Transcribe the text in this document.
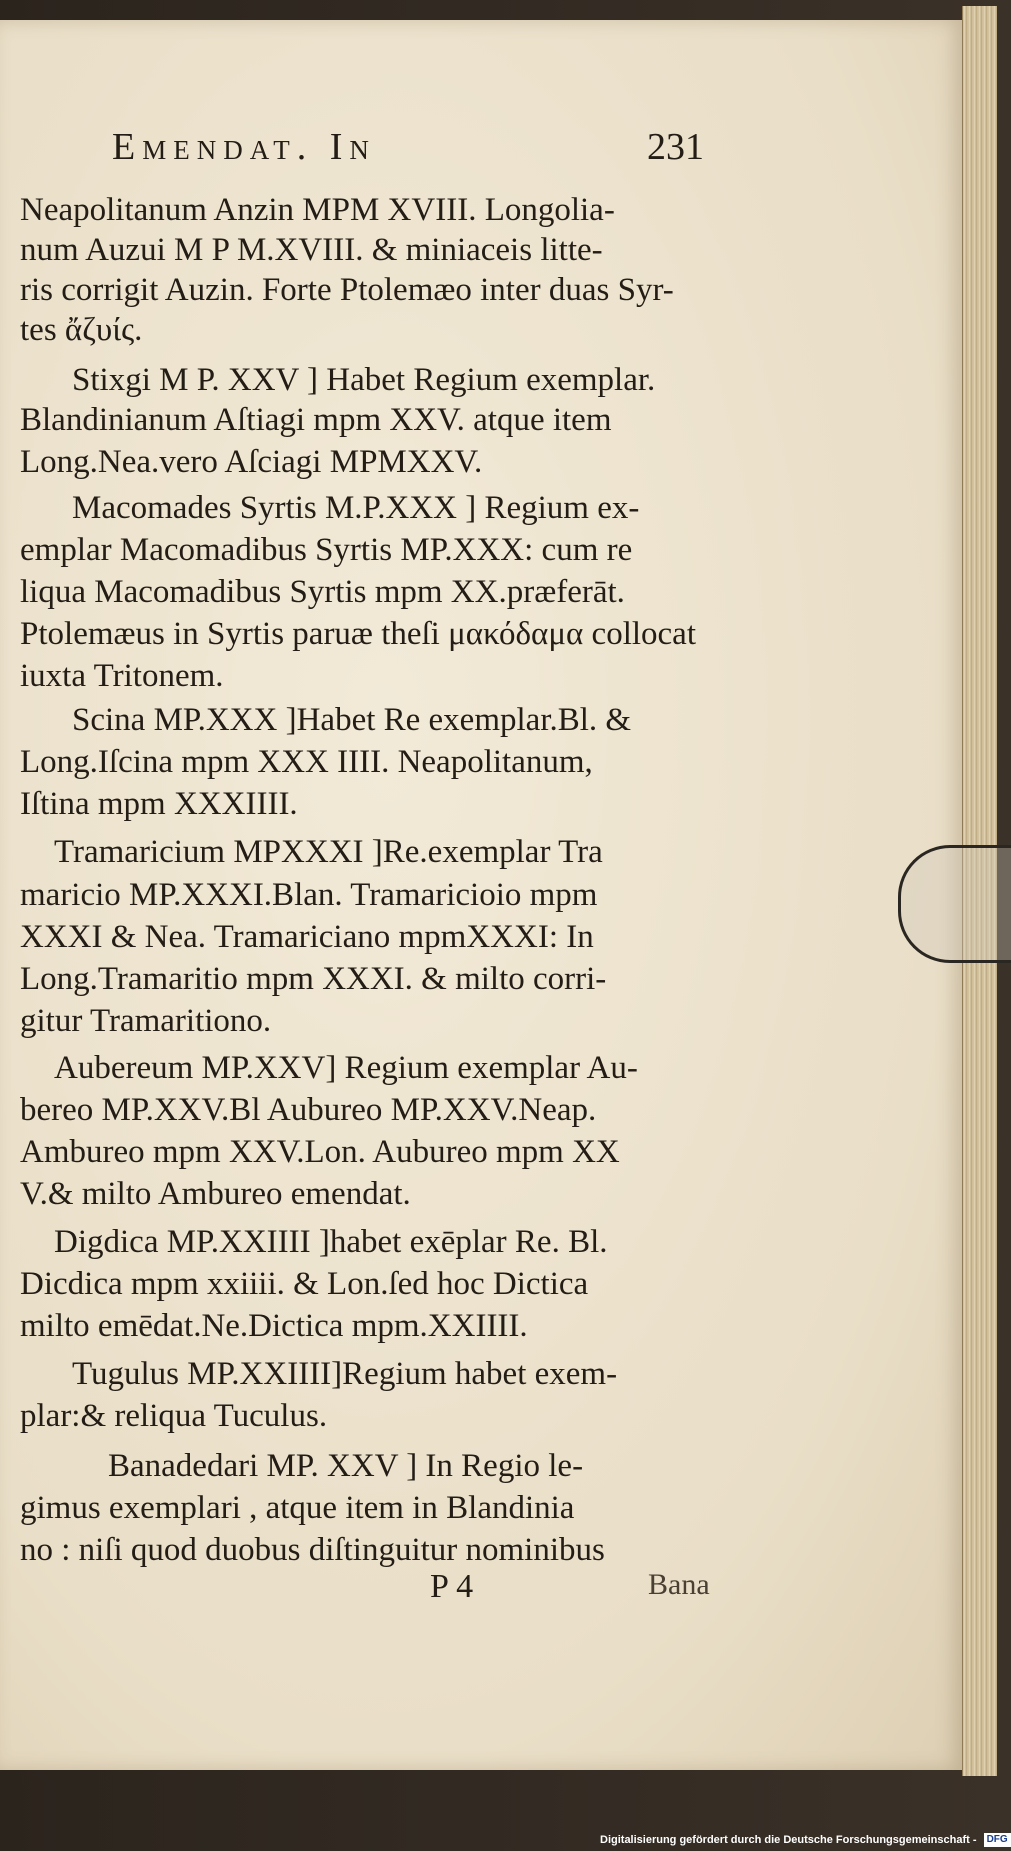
Emendat. In	231
Neapolitanum Anzin MPM XVIII. Longolia-
num Auzui M P M.XVIII. & miniaceis litte-
ris corrigit Auzin. Forte Ptolemæo inter duas Syr-
tes ἄζυίς.
Stixgi M P. XXV ] Habet Regium exemplar.
Blandinianum Aſtiagi mpm XXV. atque item
Long.Nea.vero Aſciagi MPMXXV.
Macomades Syrtis M.P.XXX ] Regium ex-
emplar Macomadibus Syrtis MP.XXX: cum re
liqua Macomadibus Syrtis mpm XX.præferāt.
Ptolemæus in Syrtis paruæ theſi μακόδαμα collocat
iuxta Tritonem.
Scina MP.XXX ]Habet Re exemplar.Bl. &
Long.Iſcina mpm XXX IIII. Neapolitanum,
Iſtina mpm XXXIIII.
Tramaricium MPXXXI ]Re.exemplar Tra
maricio MP.XXXI.Blan. Tramaricioio mpm
XXXI & Nea. Tramariciano mpmXXXI: In
Long.Tramaritio mpm XXXI. & milto corri-
gitur Tramaritiono.
Aubereum MP.XXV] Regium exemplar Au-
bereo MP.XXV.Bl Aubureo MP.XXV.Neap.
Ambureo mpm XXV.Lon. Aubureo mpm XX
V.& milto Ambureo emendat.
Digdica MP.XXIIII ]habet exēplar Re. Bl.
Dicdica mpm xxiiii. & Lon.ſed hoc Dictica
milto emēdat.Ne.Dictica mpm.XXIIII.
Tugulus MP.XXIIII]Regium habet exem-
plar:& reliqua Tuculus.
Banadedari MP. XXV ] In Regio le-
gimus exemplari , atque item in Blandinia
no : niſi quod duobus diſtinguitur nominibus
P 4	Bana
Digitalisierung gefördert durch die Deutsche Forschungsgemeinschaft - DFG
